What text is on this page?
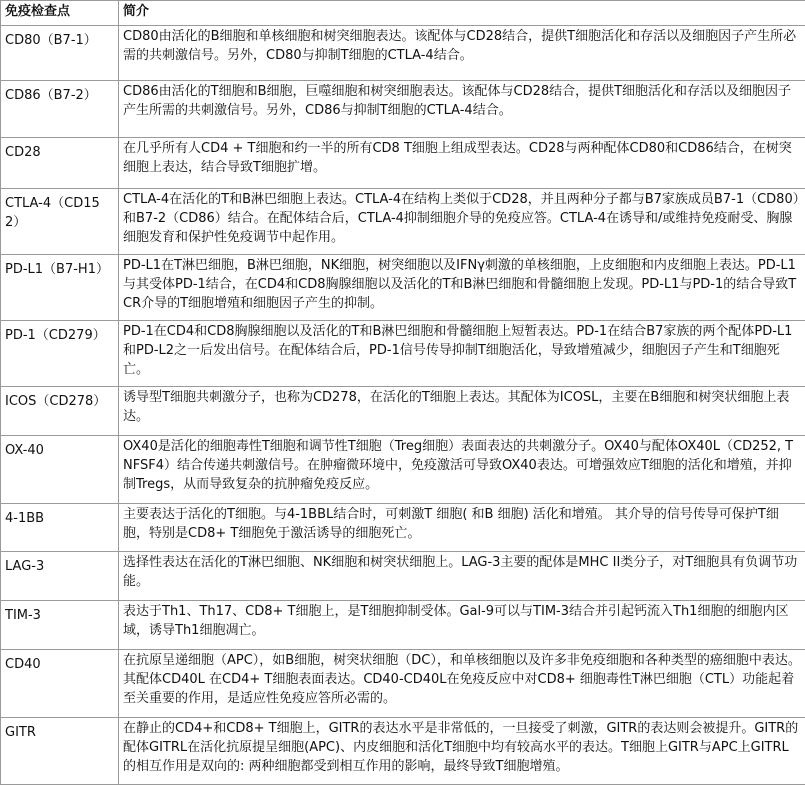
免疫检查点	简介
CD80（B7-1）	CD80由活化的B细胞和单核细胞和树突细胞表达。该配体与CD28结合，提供T细胞活化和存活以及细胞因子产生所必需的共刺激信号。另外，CD80与抑制T细胞的CTLA-4结合。
CD86（B7-2）	CD86由活化的T细胞和B细胞，巨噬细胞和树突细胞表达。该配体与CD28结合，提供T细胞活化和存活以及细胞因子产生所需的共刺激信号。另外，CD86与抑制T细胞的CTLA-4结合。
CD28	在几乎所有人CD4 + T细胞和约一半的所有CD8 T细胞上组成型表达。CD28与两种配体CD80和CD86结合，在树突细胞上表达，结合导致T细胞扩增。
CTLA-4（CD152）	CTLA-4在活化的T和B淋巴细胞上表达。CTLA-4在结构上类似于CD28，并且两种分子都与B7家族成员B7-1（CD80）和B7-2（CD86）结合。在配体结合后，CTLA-4抑制细胞介导的免疫应答。CTLA-4在诱导和/或维持免疫耐受、胸腺细胞发育和保护性免疫调节中起作用。
PD-L1（B7-H1）	PD-L1在T淋巴细胞，B淋巴细胞，NK细胞，树突细胞以及IFNγ刺激的单核细胞，上皮细胞和内皮细胞上表达。PD-L1与其受体PD-1结合，在CD4和CD8胸腺细胞以及活化的T和B淋巴细胞和骨髓细胞上发现。PD-L1与PD-1的结合导致TCR介导的T细胞增殖和细胞因子产生的抑制。
PD-1（CD279）	PD-1在CD4和CD8胸腺细胞以及活化的T和B淋巴细胞和骨髓细胞上短暂表达。PD-1在结合B7家族的两个配体PD-L1和PD-L2之一后发出信号。在配体结合后，PD-1信号传导抑制T细胞活化，导致增殖减少，细胞因子产生和T细胞死亡。
ICOS（CD278）	诱导型T细胞共刺激分子，也称为CD278，在活化的T细胞上表达。其配体为ICOSL，主要在B细胞和树突状细胞上表达。
OX-40	OX40是活化的细胞毒性T细胞和调节性T细胞（Treg细胞）表面表达的共刺激分子。OX40与配体OX40L（CD252, TNFSF4）结合传递共刺激信号。在肿瘤微环境中，免疫激活可导致OX40表达。可增强效应T细胞的活化和增殖，并抑制Tregs，从而导致复杂的抗肿瘤免疫反应。
4-1BB	主要表达于活化的T细胞。与4-1BBL结合时，可刺激T 细胞( 和B 细胞) 活化和增殖。 其介导的信号传导可保护T细胞，特别是CD8+ T细胞免于激活诱导的细胞死亡。
LAG-3	选择性表达在活化的T淋巴细胞、NK细胞和树突状细胞上。LAG-3主要的配体是MHC II类分子，对T细胞具有负调节功能。
TIM-3	表达于Th1、Th17、CD8+ T细胞上，是T细胞抑制受体。Gal-9可以与TIM-3结合并引起钙流入Th1细胞的细胞内区域，诱导Th1细胞凋亡。
CD40	在抗原呈递细胞（APC），如B细胞，树突状细胞（DC），和单核细胞以及许多非免疫细胞和各种类型的癌细胞中表达。其配体CD40L 在CD4+ T细胞表面表达。CD40-CD40L在免疫反应中对CD8+ 细胞毒性T淋巴细胞（CTL）功能起着至关重要的作用，是适应性免疫应答所必需的。
GITR	在静止的CD4+和CD8+ T细胞上，GITR的表达水平是非常低的，一旦接受了刺激，GITR的表达则会被提升。GITR的配体GITRL在活化抗原提呈细胞(APC)、内皮细胞和活化T细胞中均有较高水平的表达。T细胞上GITR与APC上GITRL的相互作用是双向的: 两种细胞都受到相互作用的影响，最终导致T细胞增殖。
